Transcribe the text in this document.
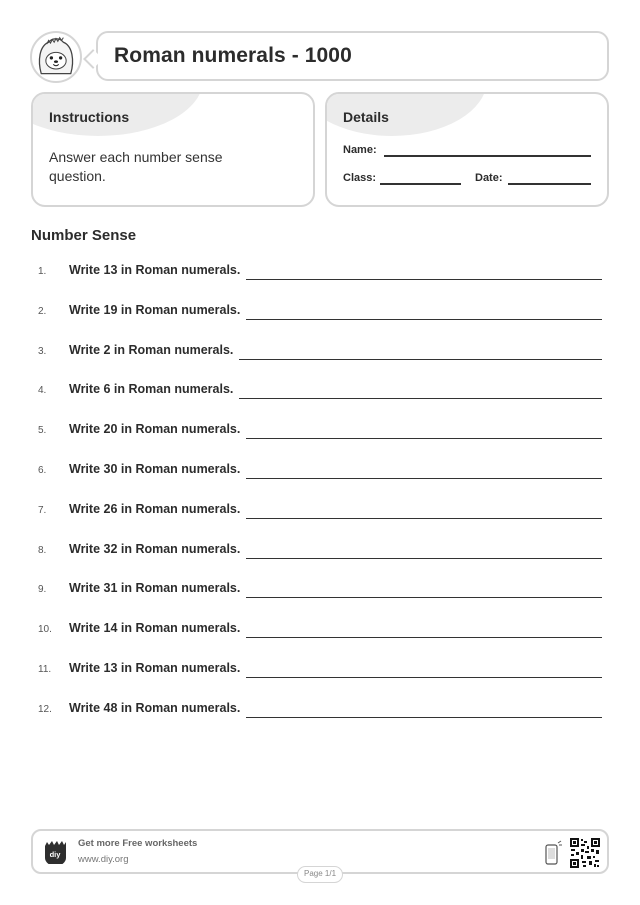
Roman numerals - 1000
Instructions
Answer each number sense question.
Details
Name:
Class:	Date:
Number Sense
1. Write 13 in Roman numerals.
2. Write 19 in Roman numerals.
3. Write 2 in Roman numerals.
4. Write 6 in Roman numerals.
5. Write 20 in Roman numerals.
6. Write 30 in Roman numerals.
7. Write 26 in Roman numerals.
8. Write 32 in Roman numerals.
9. Write 31 in Roman numerals.
10. Write 14 in Roman numerals.
11. Write 13 in Roman numerals.
12. Write 48 in Roman numerals.
diy
Get more Free worksheets
www.diy.org
Page 1/1
